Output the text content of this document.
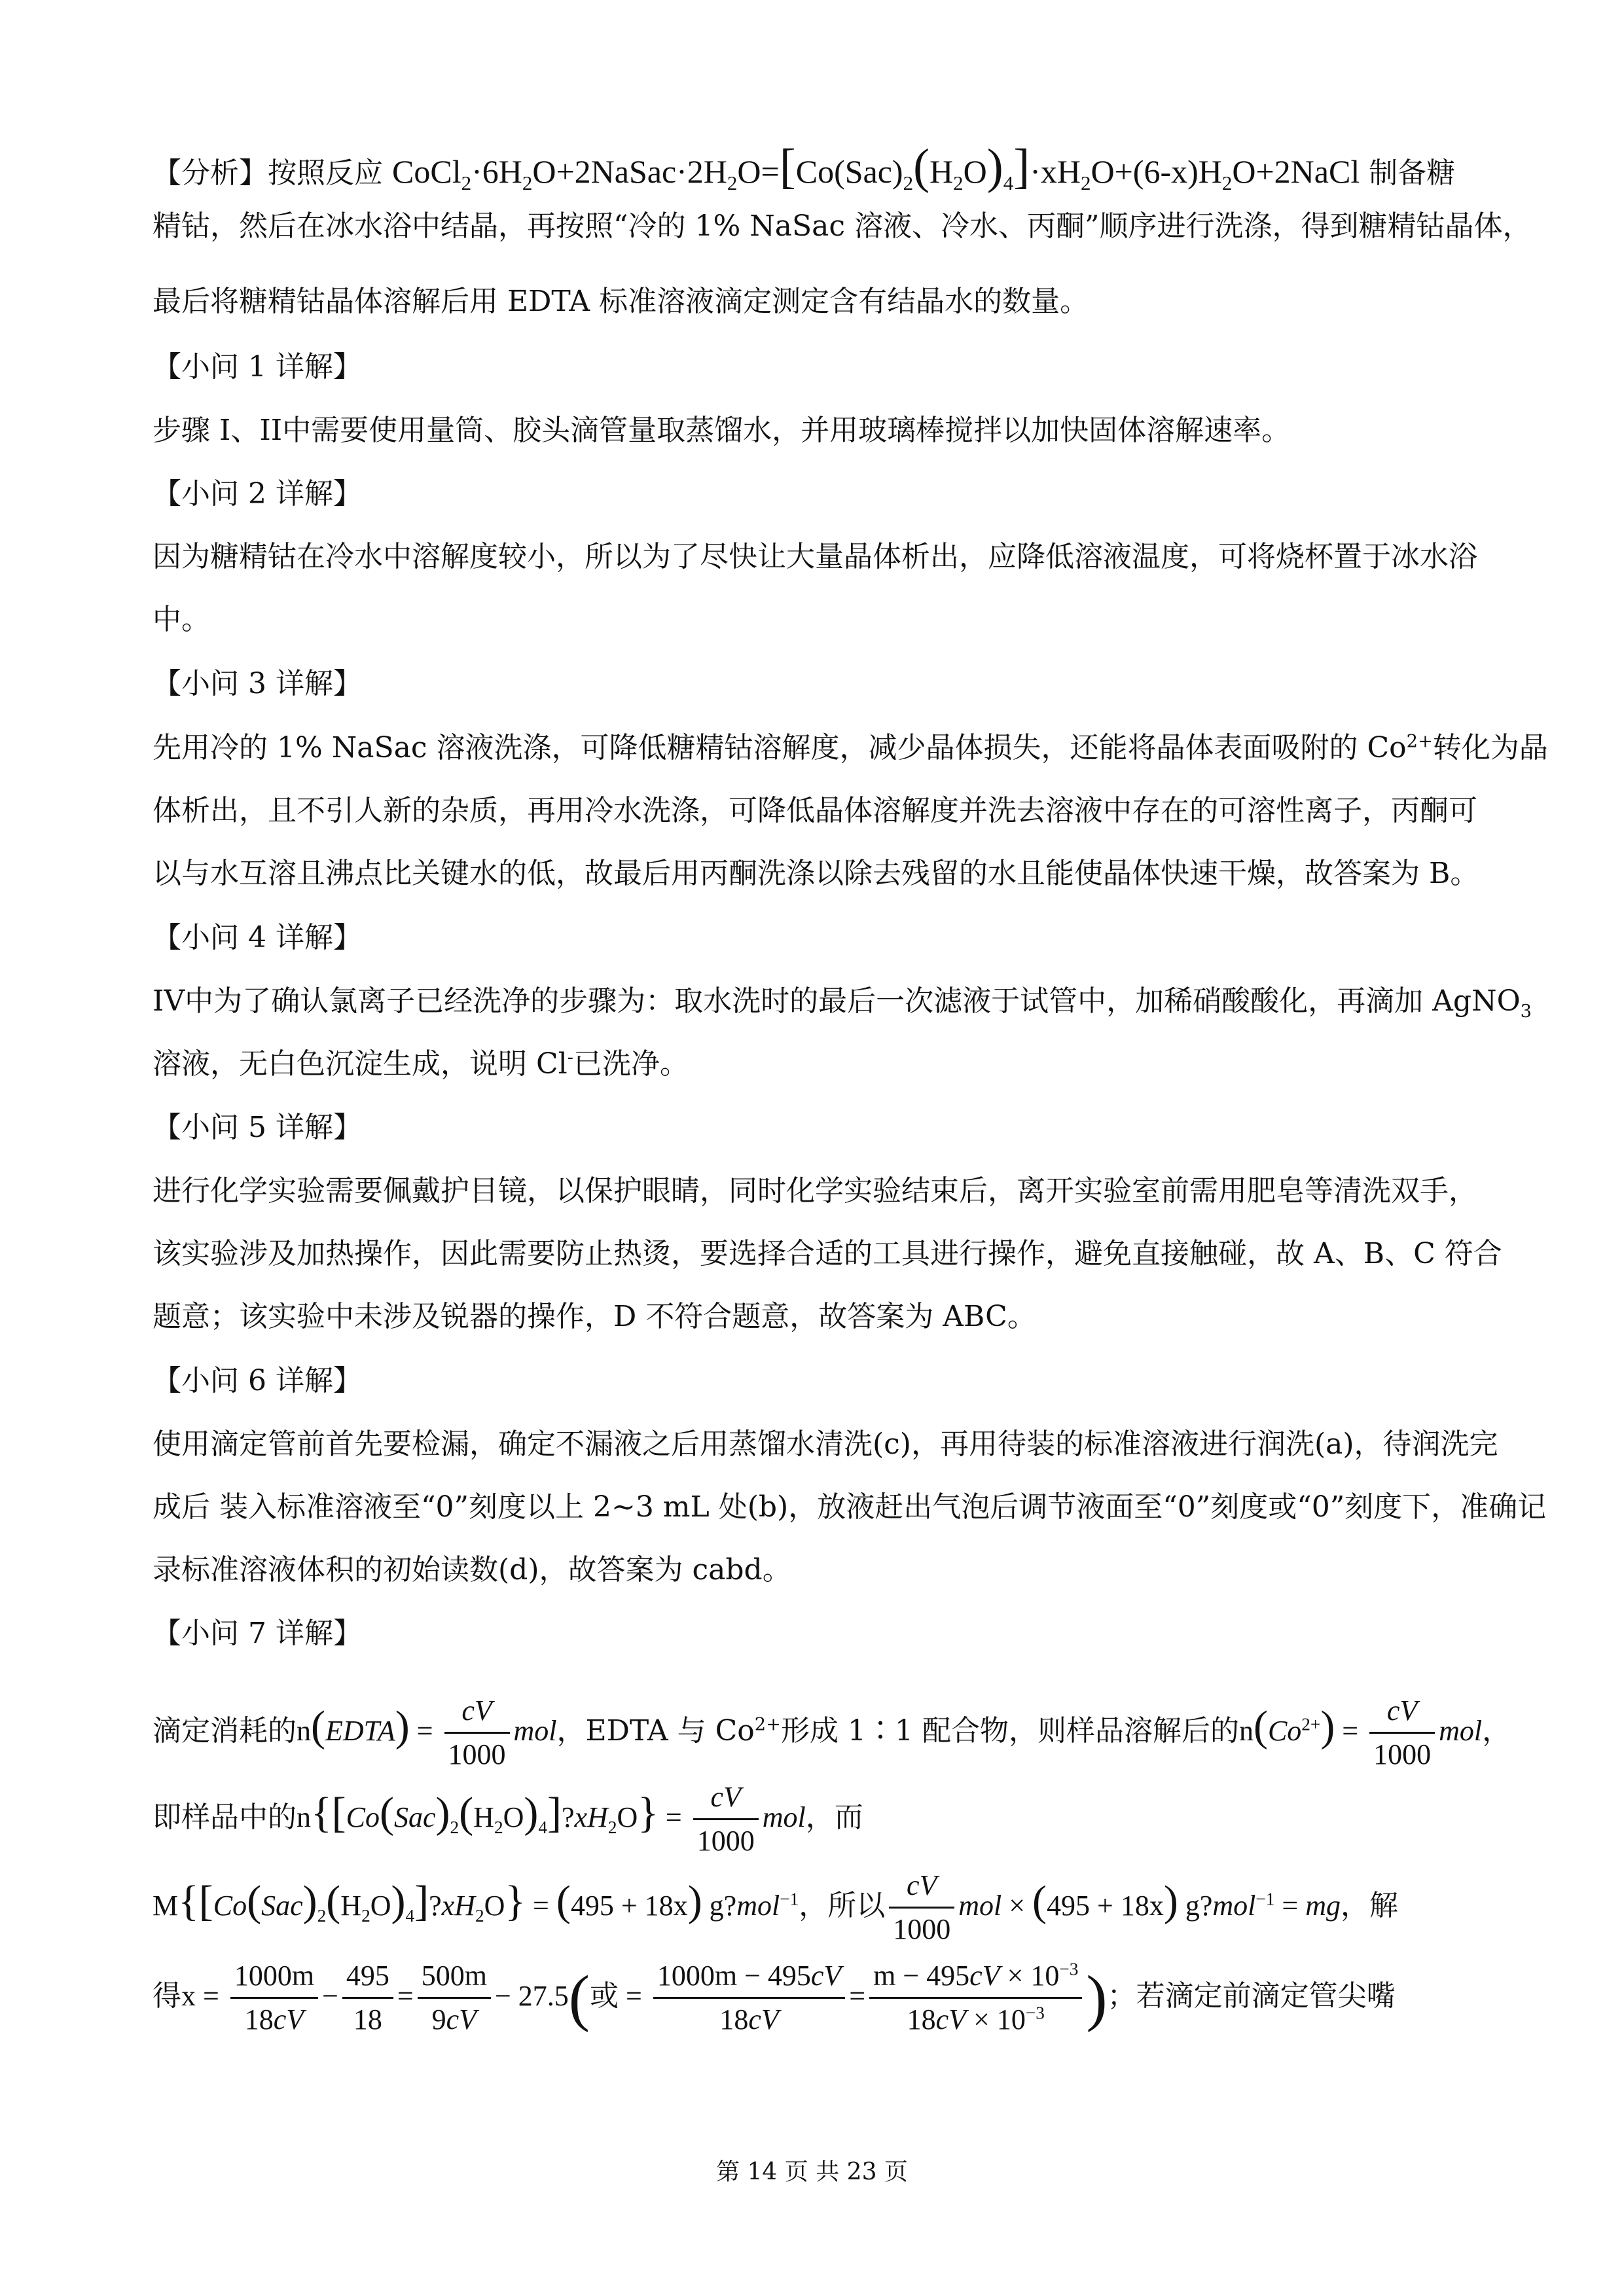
【分析】按照反应 $CoCl_2\cdot 6H_2O+2NaSac\cdot 2H_2O=[Co(Sac)_2(H_2O)_4]\cdot xH_2O+(6-x)H_2O+2NaCl$ 制备糖
精钴，然后在冰水浴中结晶，再按照“冷的 1% NaSac 溶液、冷水、丙酮”顺序进行洗涤，得到糖精钴晶体，
最后将糖精钴晶体溶解后用 EDTA 标准溶液滴定测定含有结晶水的数量。
【小问 1 详解】
步骤 I、II中需要使用量筒、胶头滴管量取蒸馏水，并用玻璃棒搅拌以加快固体溶解速率。
【小问 2 详解】
因为糖精钴在冷水中溶解度较小，所以为了尽快让大量晶体析出，应降低溶液温度，可将烧杯置于冰水浴
中。
【小问 3 详解】
先用冷的 1% NaSac 溶液洗涤，可降低糖精钴溶解度，减少晶体损失，还能将晶体表面吸附的 $Co^{2+}$转化为晶
体析出，且不引人新的杂质，再用冷水洗涤，可降低晶体溶解度并洗去溶液中存在的可溶性离子，丙酮可
以与水互溶且沸点比关键水的低，故最后用丙酮洗涤以除去残留的水且能使晶体快速干燥，故答案为 B。
【小问 4 详解】
IV中为了确认氯离子已经洗净的步骤为：取水洗时的最后一次滤液于试管中，加稀硝酸酸化，再滴加 AgNO$_3$
溶液，无白色沉淀生成，说明 Cl-已洗净。
【小问 5 详解】
进行化学实验需要佩戴护目镜，以保护眼睛，同时化学实验结束后，离开实验室前需用肥皂等清洗双手，
该实验涉及加热操作，因此需要防止热烫，要选择合适的工具进行操作，避免直接触碰，故 A、B、C 符合
题意；该实验中未涉及锐器的操作，D 不符合题意，故答案为 ABC。
【小问 6 详解】
使用滴定管前首先要检漏，确定不漏液之后用蒸馏水清洗(c)，再用待装的标准溶液进行润洗(a)，待润洗完
成后 装入标准溶液至“0”刻度以上 2~3 mL 处(b)，放液赶出气泡后调节液面至“0”刻度或“0”刻度下，准确记
录标准溶液体积的初始读数(d)，故答案为 cabd。
【小问 7 详解】
滴定消耗的n(EDTA) = $\frac{cV}{1000}$ mol，EDTA 与 $Co^{2+}$形成 1∶1 配合物，则样品溶解后的$n(Co^{2+}) = \frac{cV}{1000}$ mol，
即样品中的$n\{[Co(Sac)_2(H_2O)_4]?xH_2O\} = \frac{cV}{1000}$ mol，而
$M\{[Co(Sac)_2(H_2O)_4]?xH_2O\} = (495 + 18x)$ g?mol$^{-1}$，所以 $\frac{cV}{1000}$ mol × (495 + 18x) g?mol$^{-1}$ = mg，解
得$x = \frac{1000m}{18cV} - \frac{495}{18} = \frac{500m}{9cV} - 27.5$(或 = $\frac{1000m - 495cV}{18cV} = \frac{m - 495cV \times 10^{-3}}{18cV \times 10^{-3}}$ )；若滴定前滴定管尖嘴
第 14 页 共 23 页
